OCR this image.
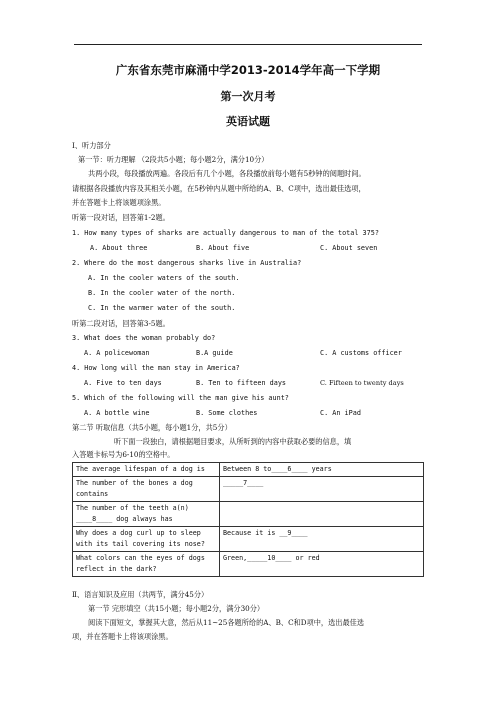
广东省东莞市麻涌中学2013-2014学年高一下学期
第一次月考
英语试题
Ⅰ、听力部分
第一节：听力理解 （2段共5小题；每小题2分，满分10分）
共两小段，每段播放两遍。各段后有几个小题，各段播放前每小题有5秒钟的阅题时间。
请根据各段播放内容及其相关小题，在5秒钟内从题中所给的A、B、C项中，选出最佳选项，
并在答题卡上将该题项涂黑。
听第一段对话，回答第1-2题。
1. How many types of sharks are actually dangerous to man of the total 375?
A. About three	B. About five	C. About seven
2. Where do the most dangerous sharks live in Australia?
A. In the cooler waters of the south.
B. In the cooler water of the north.
C. In the warmer water of the south.
听第二段对话，回答第3-5题。
3. What does the woman probably do?
A. A policewoman	B.A guide	C. A customs officer
4. How long will the man stay in America?
A. Five to ten days	B. Ten to fifteen days	C. Fifteen to twenty days
5. Which of the following will the man give his aunt?
A. A bottle wine	B. Some clothes	C. An iPad
第二节 听取信息（共5小题，每小题1分，共5分）
听下面一段独白，请根据题目要求，从所听到的内容中获取必要的信息，填
入答题卡标号为6-10的空格中。
The average lifespan of a dog is	Between 8 to____6____ years

The number of the bones a dog
contains	_____7____

The number of the teeth a(n)
____8____ dog always has	

Why does a dog curl up to sleep
with its tail covering its nose?	Because it is __9____

What colors can the eyes of dogs
reflect in the dark?	Green,_____10____ or red
Ⅱ、语言知识及应用（共两节，满分45分）
第一节 完形填空（共15小题；每小题2分，满分30分）
阅读下面短文，掌握其大意，然后从11~25各题所给的A、B、C和D项中，选出最佳选
项，并在答题卡上将该项涂黑。
